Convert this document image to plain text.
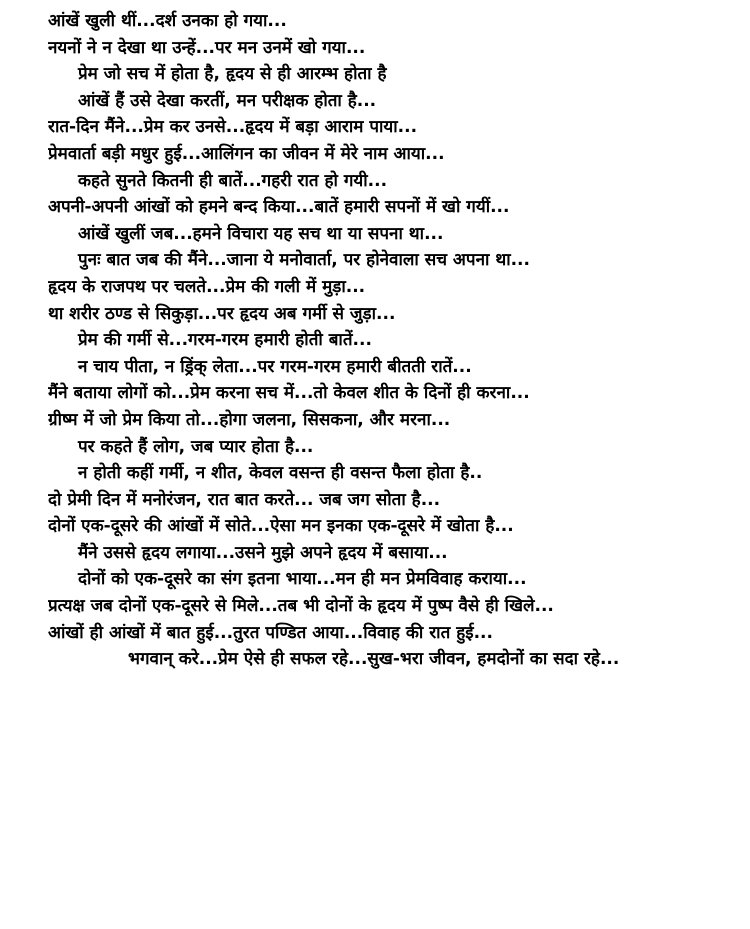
आंखें खुली थीं...दर्श उनका हो गया...
नयनों ने न देखा था उन्हें...पर मन उनमें खो गया...
प्रेम जो सच में होता है, हृदय से ही आरम्भ होता है
आंखें हैं उसे देखा करतीं, मन परीक्षक होता है...
रात-दिन मैंने...प्रेम कर उनसे...हृदय में बड़ा आराम पाया...
प्रेमवार्ता बड़ी मधुर हुई...आलिंगन का जीवन में मेरे नाम आया...
कहते सुनते कितनी ही बातें...गहरी रात हो गयी...
अपनी-अपनी आंखों को हमने बन्द किया...बातें हमारी सपनों में खो गयीं...
आंखें खुलीं जब...हमने विचारा यह सच था या सपना था...
पुनः बात जब की मैंने...जाना ये मनोवार्ता, पर होनेवाला सच अपना था...
हृदय के राजपथ पर चलते...प्रेम की गली में मुड़ा...
था शरीर ठण्ड से सिकुड़ा...पर हृदय अब गर्मी से जुड़ा...
प्रेम की गर्मी से...गरम-गरम हमारी होती बातें...
न चाय पीता, न ड्रिंक् लेता...पर गरम-गरम हमारी बीतती रातें...
मैंने बताया लोगों को...प्रेम करना सच में...तो केवल शीत के दिनों ही करना...
ग्रीष्म में जो प्रेम किया तो...होगा जलना, सिसकना, और मरना...
पर कहते हैं लोग, जब प्यार होता है...
न होती कहीं गर्मी, न शीत, केवल वसन्त ही वसन्त फैला होता है..
दो प्रेमी दिन में मनोरंजन, रात बात करते... जब जग सोता है...
दोनों एक-दूसरे की आंखों में सोते...ऐसा मन इनका एक-दूसरे में खोता है...
मैंने उससे हृदय लगाया...उसने मुझे अपने हृदय में बसाया...
दोनों को एक-दूसरे का संग इतना भाया...मन ही मन प्रेमविवाह कराया...
प्रत्यक्ष जब दोनों एक-दूसरे से मिले...तब भी दोनों के हृदय में पुष्प वैसे ही खिले...
आंखों ही आंखों में बात हुई...तुरत पण्डित आया...विवाह की रात हुई...
भगवान् करे...प्रेम ऐसे ही सफल रहे...सुख-भरा जीवन, हमदोनों का सदा रहे...
